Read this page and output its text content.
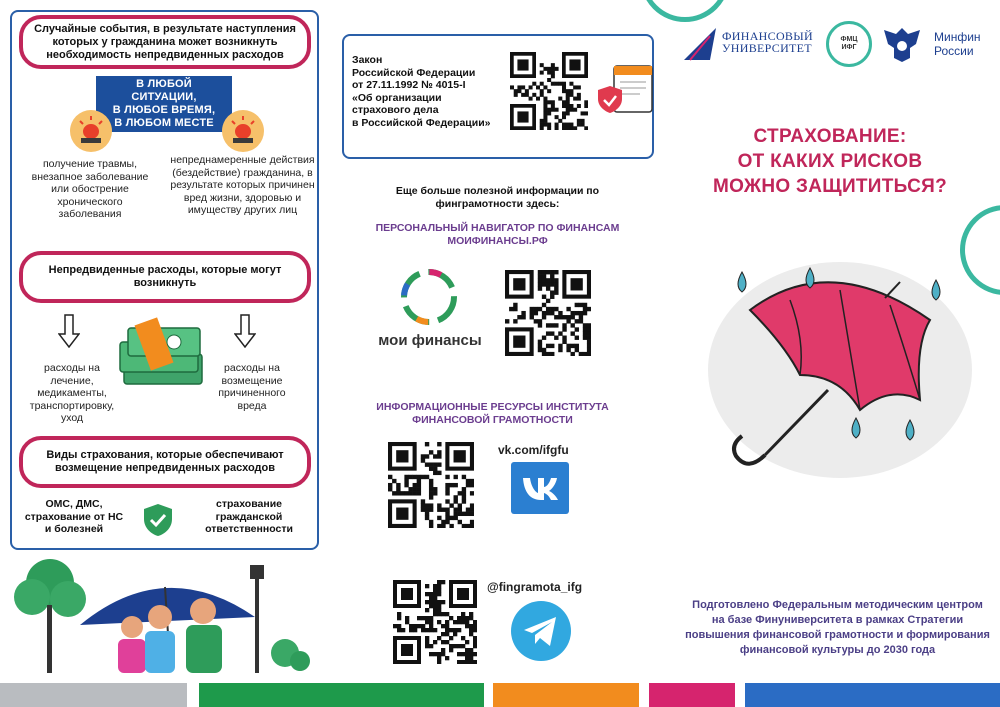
Случайные события, в результате наступления которых у гражданина может возникнуть необходимость непредвиденных расходов
В ЛЮБОЙ СИТУАЦИИ,
В ЛЮБОЕ ВРЕМЯ,
В ЛЮБОМ МЕСТЕ
получение травмы, внезапное заболевание или обострение хронического заболевания
непреднамеренные действия (бездействие) гражданина, в результате которых причинен вред жизни, здоровью и имуществу других лиц
Непредвиденные расходы, которые могут возникнуть
расходы на лечение, медикаменты, транспортировку, уход
расходы на возмещение причиненного вреда
Виды страхования, которые обеспечивают возмещение непредвиденных расходов
ОМС, ДМС, страхование от НС и болезней
страхование гражданской ответственности
Закон
Российской Федерации
от 27.11.1992 № 4015-I
«Об организации
страхового дела
в Российской Федерации»
Еще больше полезной информации по финграмотности здесь:
ПЕРСОНАЛЬНЫЙ НАВИГАТОР ПО ФИНАНСАМ
МОИФИНАНСЫ.РФ
мои финансы
ИНФОРМАЦИОННЫЕ РЕСУРСЫ ИНСТИТУТА ФИНАНСОВОЙ ГРАМОТНОСТИ
vk.com/ifgfu
@fingramota_ifg
ФИНАНСОВЫЙ
УНИВЕРСИТЕТ
ФМЦ ИФГ
Минфин
России
СТРАХОВАНИЕ:
ОТ КАКИХ РИСКОВ
МОЖНО ЗАЩИТИТЬСЯ?
Подготовлено Федеральным методическим центром на базе Финуниверситета в рамках Стратегии повышения финансовой грамотности и формирования финансовой культуры до 2030 года
